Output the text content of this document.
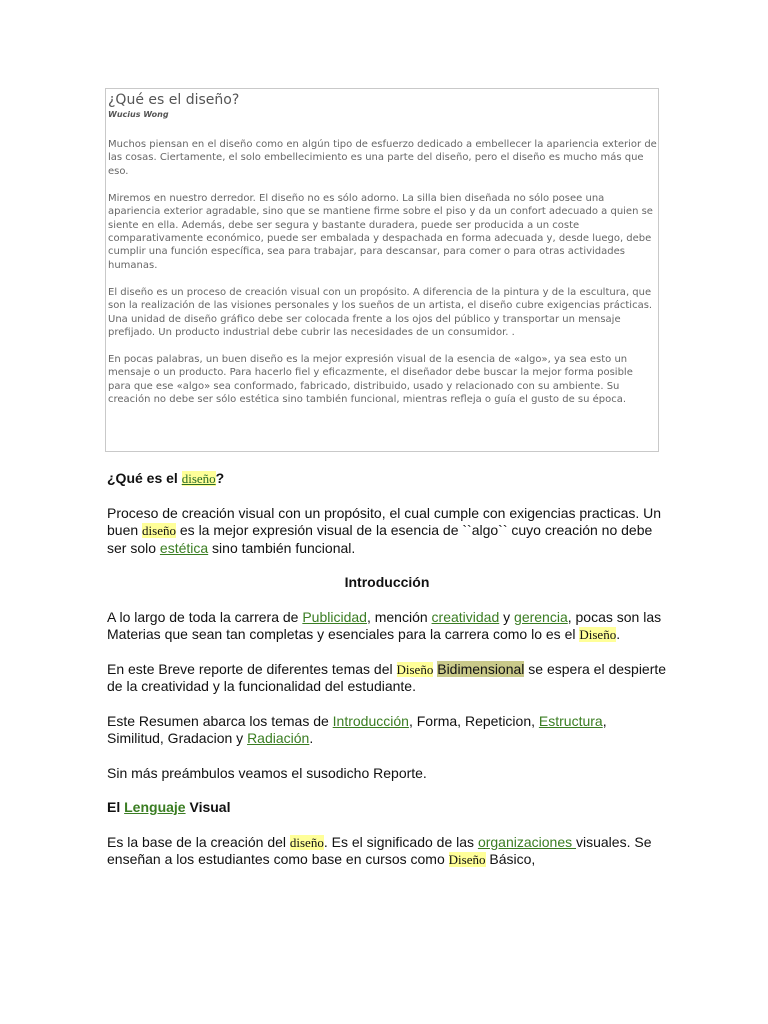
¿Qué es el diseño?

Wucius Wong

Muchos piensan en el diseño como en algún tipo de esfuerzo dedicado a embellecer la apariencia exterior de las cosas. Ciertamente, el solo embellecimiento es una parte del diseño, pero el diseño es mucho más que eso.

Miremos en nuestro derredor. El diseño no es sólo adorno. La silla bien diseñada no sólo posee una apariencia exterior agradable, sino que se mantiene firme sobre el piso y da un confort adecuado a quien se siente en ella. Además, debe ser segura y bastante duradera, puede ser producida a un coste comparativamente económico, puede ser embalada y despachada en forma adecuada y, desde luego, debe cumplir una función específica, sea para trabajar, para descansar, para comer o para otras actividades humanas.

El diseño es un proceso de creación visual con un propósito. A diferencia de la pintura y de la escultura, que son la realización de las visiones personales y los sueños de un artista, el diseño cubre exigencias prácticas. Una unidad de diseño gráfico debe ser colocada frente a los ojos del público y transportar un mensaje prefijado. Un producto industrial debe cubrir las necesidades de un consumidor. .

En pocas palabras, un buen diseño es la mejor expresión visual de la esencia de «algo», ya sea esto un mensaje o un producto. Para hacerlo fiel y eficazmente, el diseñador debe buscar la mejor forma posible para que ese «algo» sea conformado, fabricado, distribuido, usado y relacionado con su ambiente. Su creación no debe ser sólo estética sino también funcional, mientras refleja o guía el gusto de su época.

¿Qué es el diseño?

Proceso de creación visual con un propósito, el cual cumple con exigencias practicas. Un buen diseño es la mejor expresión visual de la esencia de ``algo`` cuyo creación no debe ser solo estética sino también funcional.

Introducción

A lo largo de toda la carrera de Publicidad, mención creatividad y gerencia, pocas son las Materias que sean tan completas y esenciales para la carrera como lo es el Diseño.

En este Breve reporte de diferentes temas del Diseño Bidimensional se espera el despierte de la creatividad y la funcionalidad del estudiante.

Este Resumen abarca los temas de Introducción, Forma, Repeticion, Estructura, Similitud, Gradacion y Radiación.

Sin más preámbulos veamos el susodicho Reporte.

El Lenguaje Visual

Es la base de la creación del diseño. Es el significado de las organizaciones visuales. Se enseñan a los estudiantes como base en cursos como Diseño Básico,
